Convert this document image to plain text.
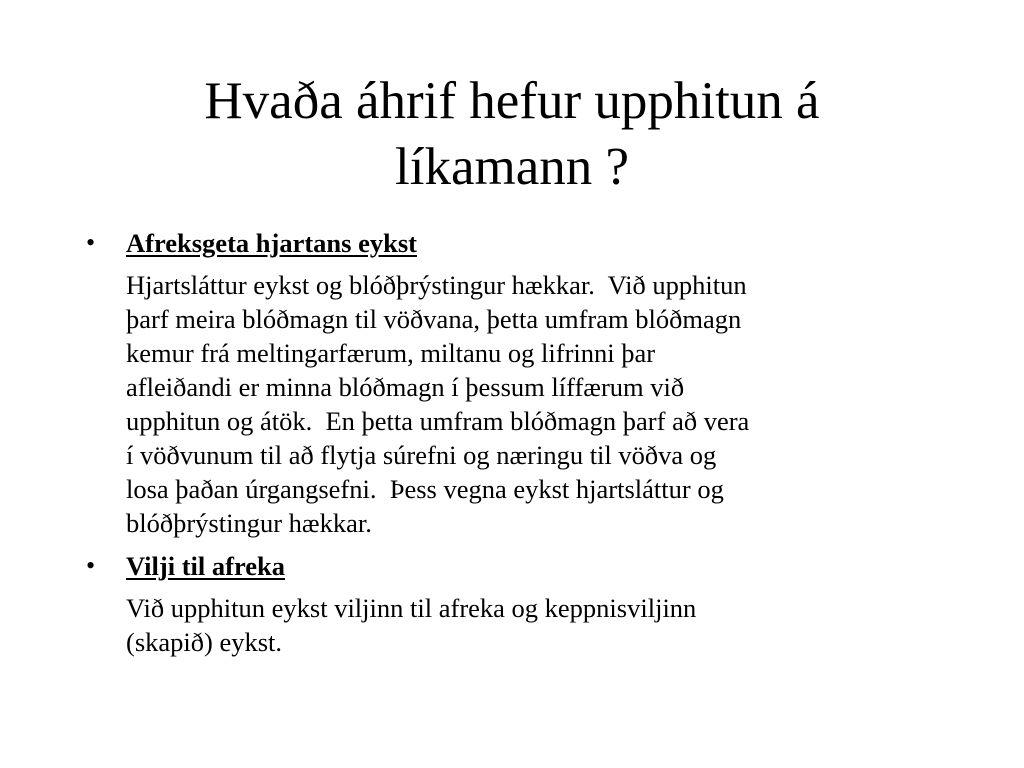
Hvaða áhrif hefur upphitun á
líkamann ?
• Afreksgeta hjartans eykst
Hjartsláttur eykst og blóðþrýstingur hækkar.  Við upphitun
þarf meira blóðmagn til vöðvana, þetta umfram blóðmagn
kemur frá meltingarfærum, miltanu og lifrinni þar
afleiðandi er minna blóðmagn í þessum líffærum við
upphitun og átök.  En þetta umfram blóðmagn þarf að vera
í vöðvunum til að flytja súrefni og næringu til vöðva og
losa þaðan úrgangsefni.  Þess vegna eykst hjartsláttur og
blóðþrýstingur hækkar.
• Vilji til afreka
Við upphitun eykst viljinn til afreka og keppnisviljinn
(skapið) eykst.
